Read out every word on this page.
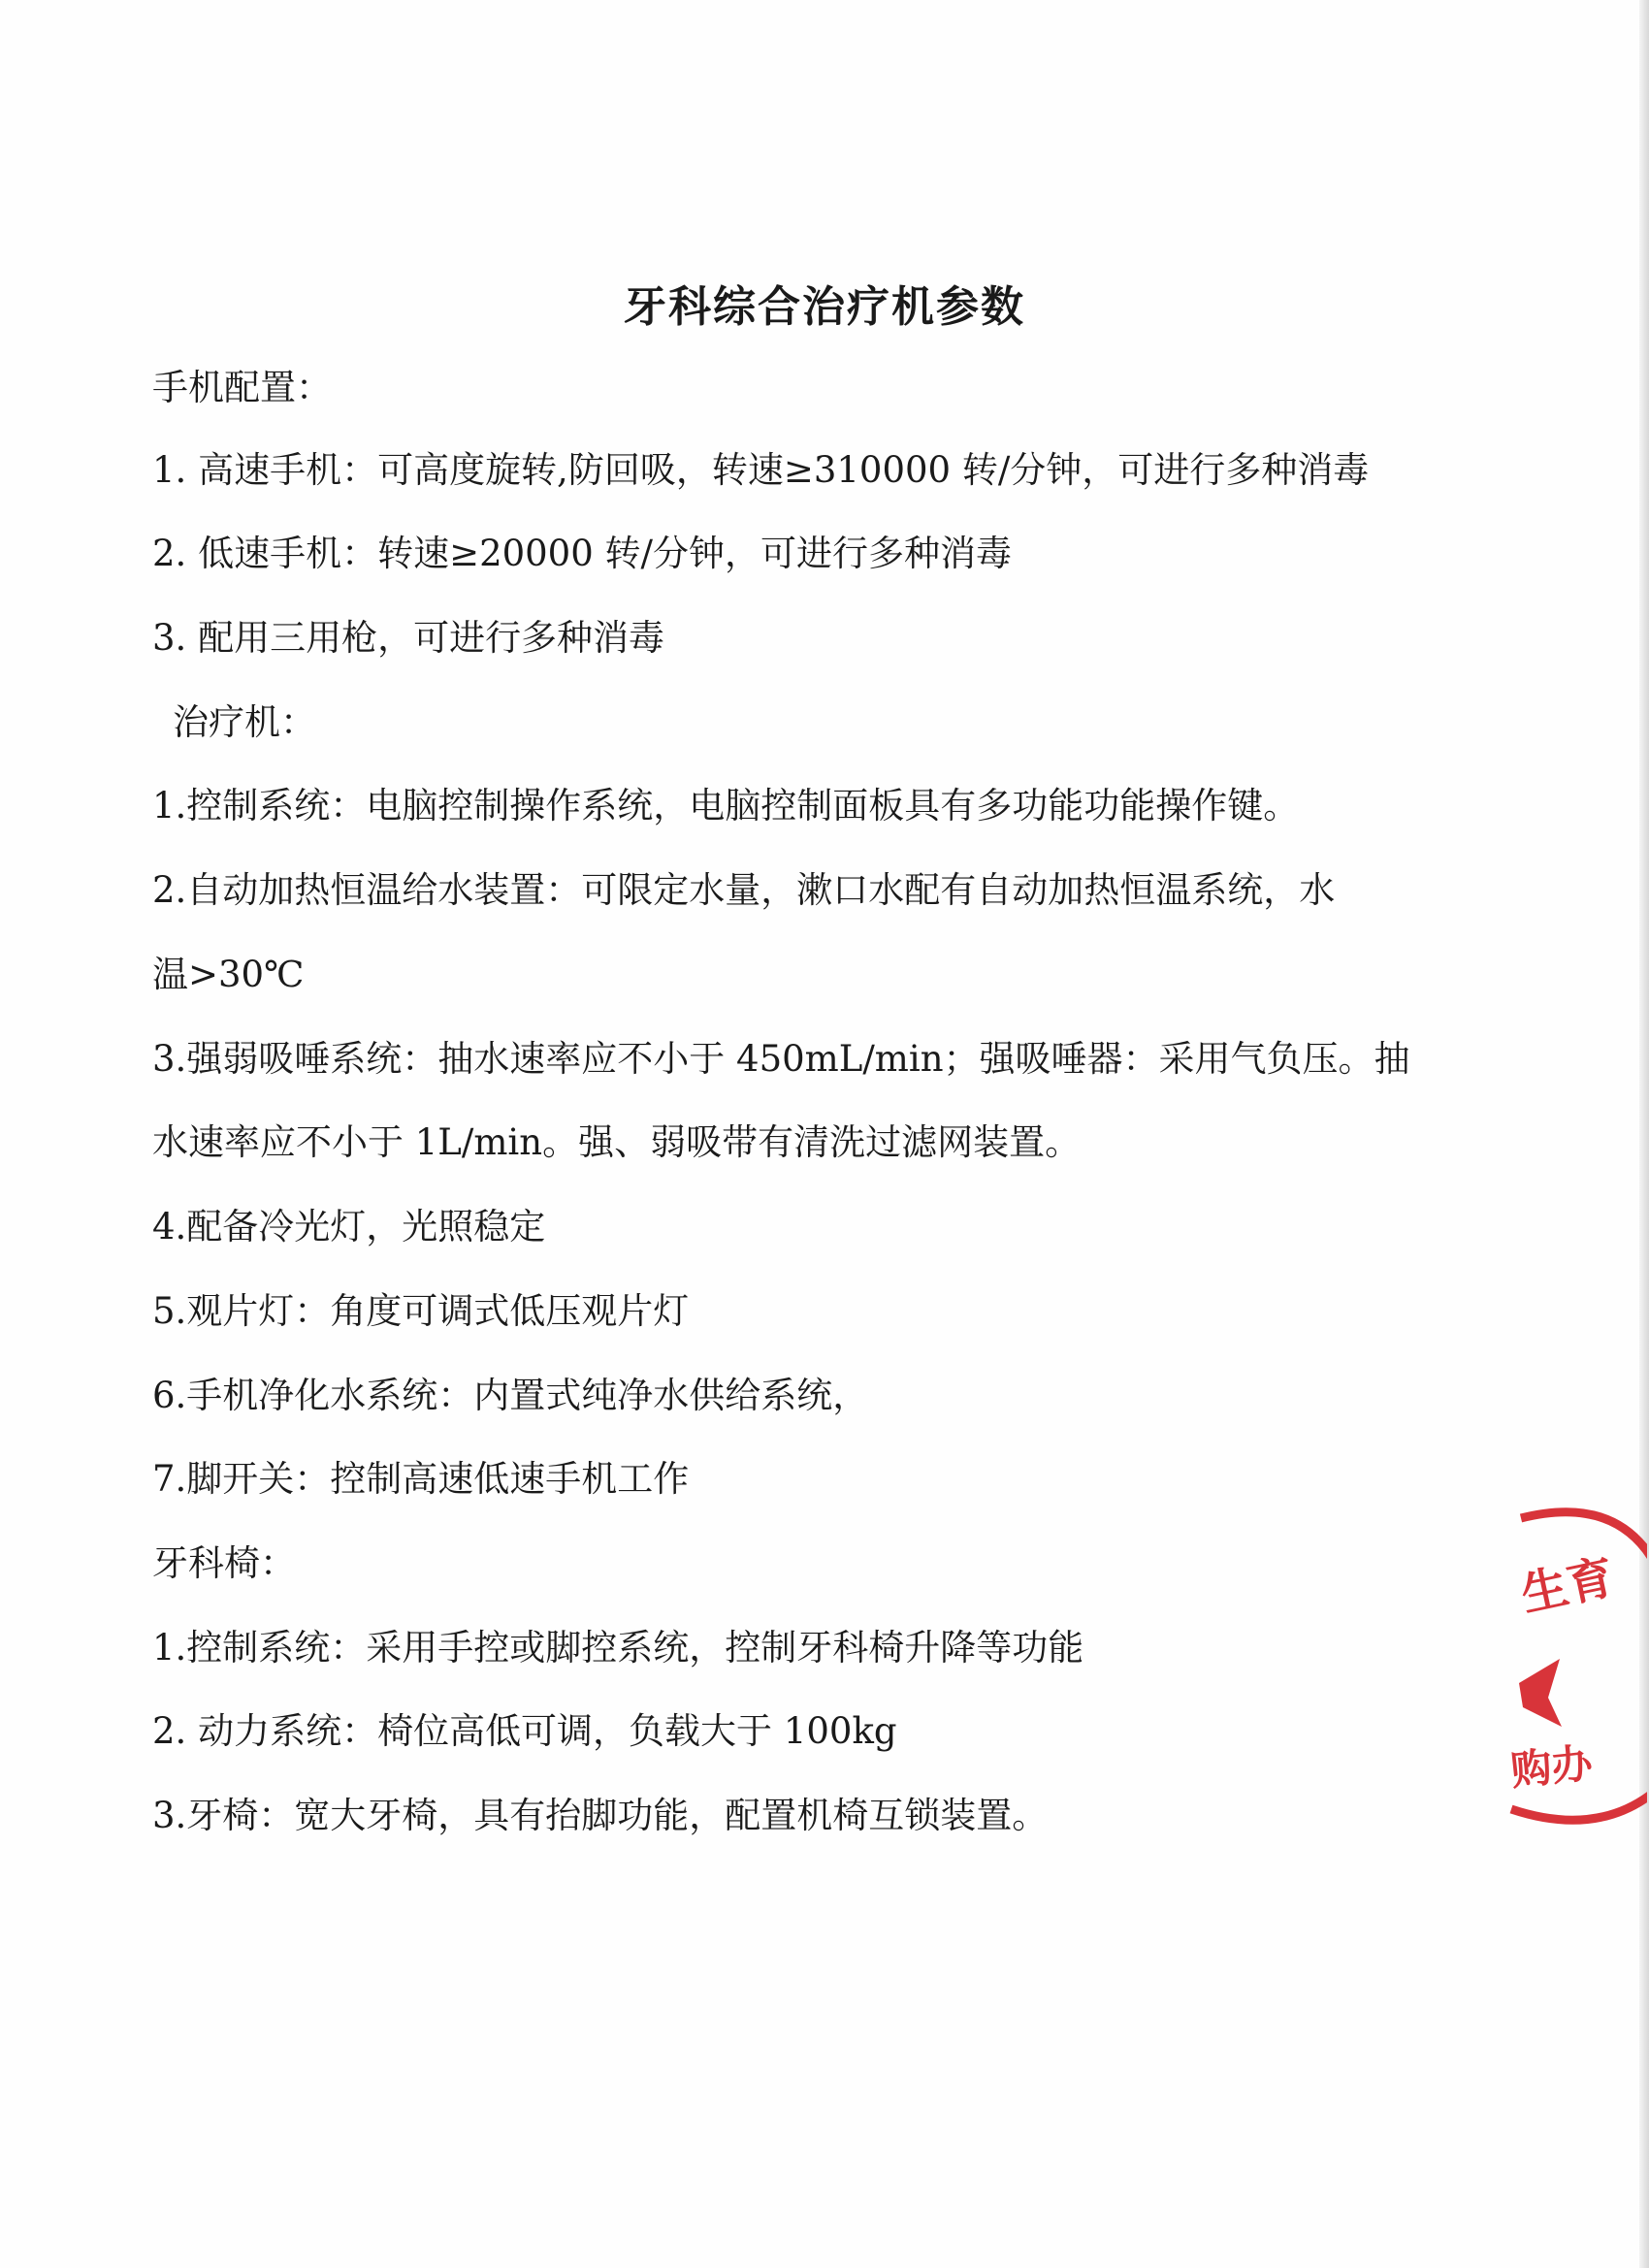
牙科综合治疗机参数

手机配置：

1. 高速手机：可高度旋转,防回吸，转速≥310000 转/分钟，可进行多种消毒

2. 低速手机：转速≥20000 转/分钟，可进行多种消毒

3. 配用三用枪，可进行多种消毒

治疗机：

1.控制系统：电脑控制操作系统，电脑控制面板具有多功能功能操作键。

2.自动加热恒温给水装置：可限定水量，漱口水配有自动加热恒温系统，水

温>30℃

3.强弱吸唾系统：抽水速率应不小于 450mL/min；强吸唾器：采用气负压。抽

水速率应不小于 1L/min。强、弱吸带有清洗过滤网装置。

4.配备冷光灯，光照稳定

5.观片灯：角度可调式低压观片灯

6.手机净化水系统：内置式纯净水供给系统，

7.脚开关：控制高速低速手机工作

牙科椅：

1.控制系统：采用手控或脚控系统，控制牙科椅升降等功能

2. 动力系统：椅位高低可调，负载大于 100kg

3.牙椅：宽大牙椅，具有抬脚功能，配置机椅互锁装置。

生育
购办
